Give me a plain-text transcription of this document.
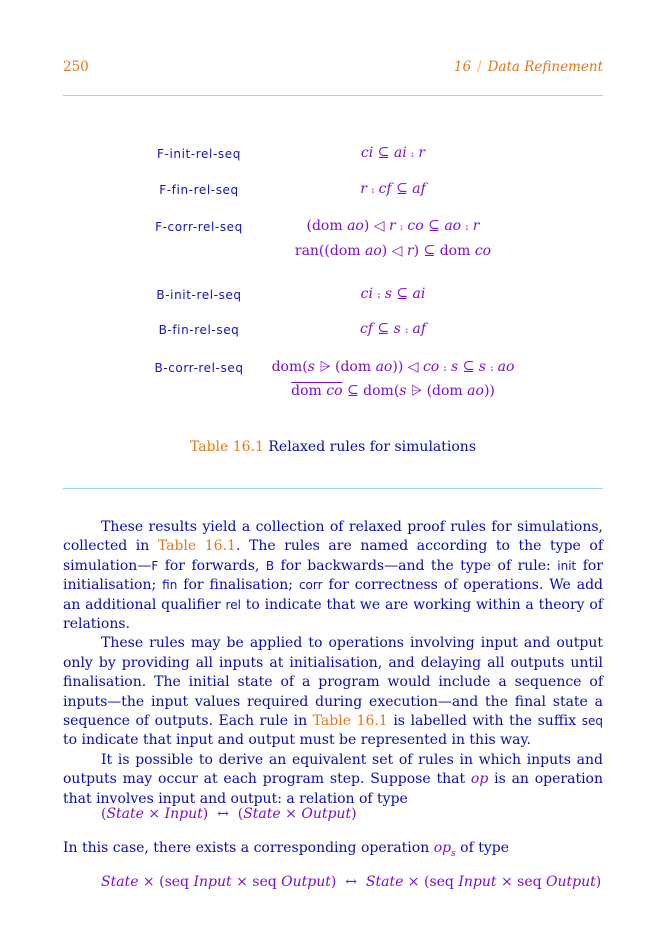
250	16 / Data Refinement
F-init-rel-seq	ci ⊆ ai ⨾ r
F-fin-rel-seq	r ⨾ cf ⊆ af
F-corr-rel-seq	(dom ao) ◁ r ⨾ co ⊆ ao ⨾ r
ran((dom ao) ◁ r) ⊆ dom co
B-init-rel-seq	ci ⨾ s ⊆ ai
B-fin-rel-seq	cf ⊆ s ⨾ af
B-corr-rel-seq	dom(s ⩥ (dom ao)) ◁ co ⨾ s ⊆ s ⨾ ao
dom co ⊆ dom(s ⩥ (dom ao))
Table 16.1 Relaxed rules for simulations

These results yield a collection of relaxed proof rules for simulations, collected in Table 16.1. The rules are named according to the type of simulation—F for forwards, B for backwards—and the type of rule: init for initialisation; fin for finalisation; corr for correctness of operations. We add an additional qualifier rel to indicate that we are working within a theory of relations.

These rules may be applied to operations involving input and output only by providing all inputs at initialisation, and delaying all outputs until finalisation. The initial state of a program would include a sequence of inputs—the input values required during execution—and the final state a sequence of outputs. Each rule in Table 16.1 is labelled with the suffix seq to indicate that input and output must be represented in this way.

It is possible to derive an equivalent set of rules in which inputs and outputs may occur at each program step. Suppose that op is an operation that involves input and output: a relation of type

(State × Input)  ↔  (State × Output)
In this case, there exists a corresponding operation $op_s$ of type
State × (seq Input × seq Output)  ↔  State × (seq Input × seq Output)
